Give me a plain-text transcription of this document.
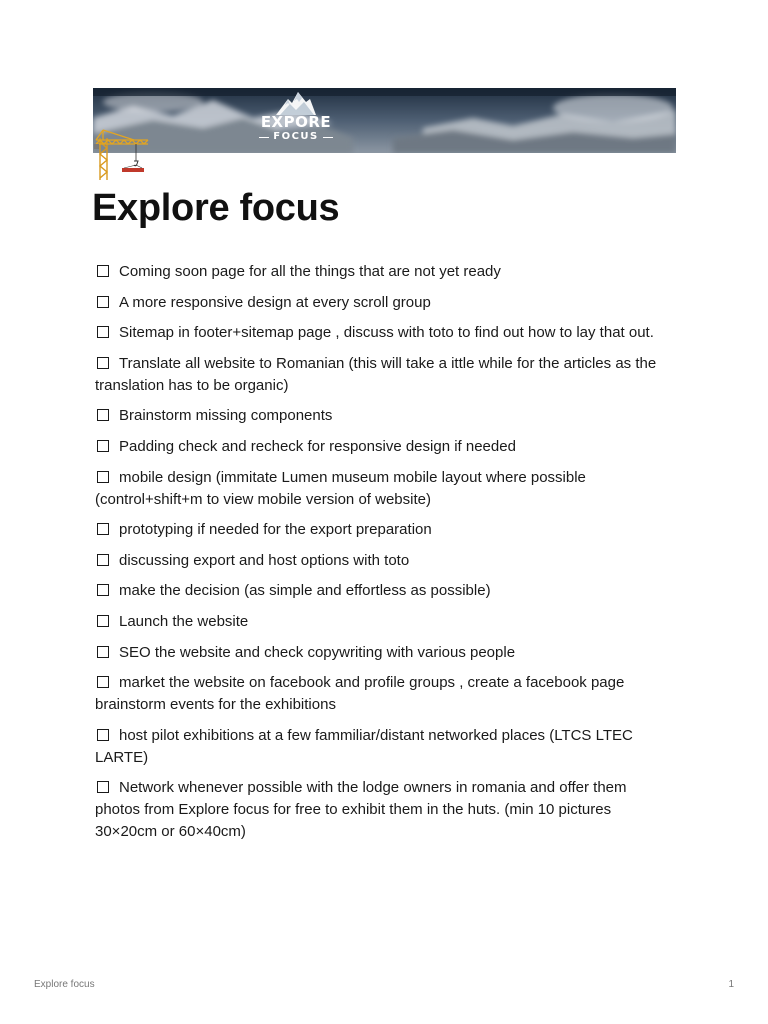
EXPORE
FOCUS
Explore focus
Coming soon page for all the things that are not yet ready
A more responsive design at every scroll group
Sitemap in footer+sitemap page , discuss with toto to find out how to lay that out.
Translate all website to Romanian (this will take a ittle while for the articles as the translation has to be organic)
Brainstorm missing components
Padding check and recheck for responsive design if needed
mobile design (immitate Lumen museum mobile layout where possible (control+shift+m to view mobile version of website)
prototyping if needed for the export preparation
discussing export and host options with toto
make the decision (as simple and effortless as possible)
Launch the website
SEO the website and check copywriting with various people
market the website on facebook and profile groups , create a facebook page
brainstorm events for the exhibitions
host pilot exhibitions at a few fammiliar/distant networked places (LTCS LTEC LARTE)
Network whenever possible with the lodge owners in romania and offer them photos from Explore focus for free to exhibit them in the huts. (min 10 pictures 30×20cm or 60×40cm)
Explore focus	1
